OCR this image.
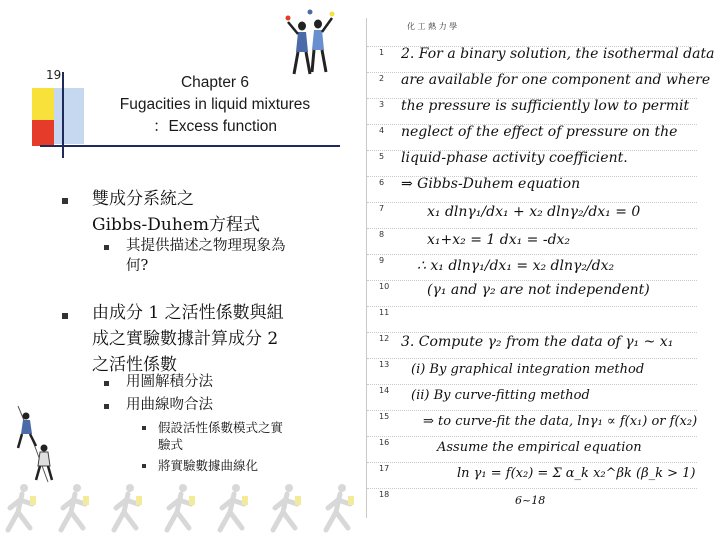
19	Chapter 6
Fugacities in liquid mixtures
：Excess function
雙成分系統之
Gibbs-Duhem方程式
其提供描述之物理現象為
何?
由成分 1 之活性係數與組
成之實驗數據計算成分 2
之活性係數
用圖解積分法
用曲線吻合法
假設活性係數模式之實
驗式
將實驗數據曲線化
化 工 熱 力 學
1
2
3
4
5
6
7
8
9
10
11
12
13
14
15
16
17
18
2. For a binary solution, the isothermal data
are available for one component and where
the pressure is sufficiently low to permit
neglect of the effect of pressure on the
liquid-phase activity coefficient.
⇒ Gibbs-Duhem equation
x₁ dlnγ₁/dx₁ + x₂ dlnγ₂/dx₁ = 0
x₁+x₂ = 1 dx₁ = -dx₂
∴ x₁ dlnγ₁/dx₁ = x₂ dlnγ₂/dx₂
(γ₁ and γ₂ are not independent)
3. Compute γ₂ from the data of γ₁ ~ x₁
(i) By graphical integration method
(ii) By curve-fitting method
⇒ to curve-fit the data, lnγ₁ ∝ f(x₁) or f(x₂)
Assume the empirical equation
ln γ₁ = f(x₂) = Σ α_k x₂^βk (β_k > 1)
6~18
